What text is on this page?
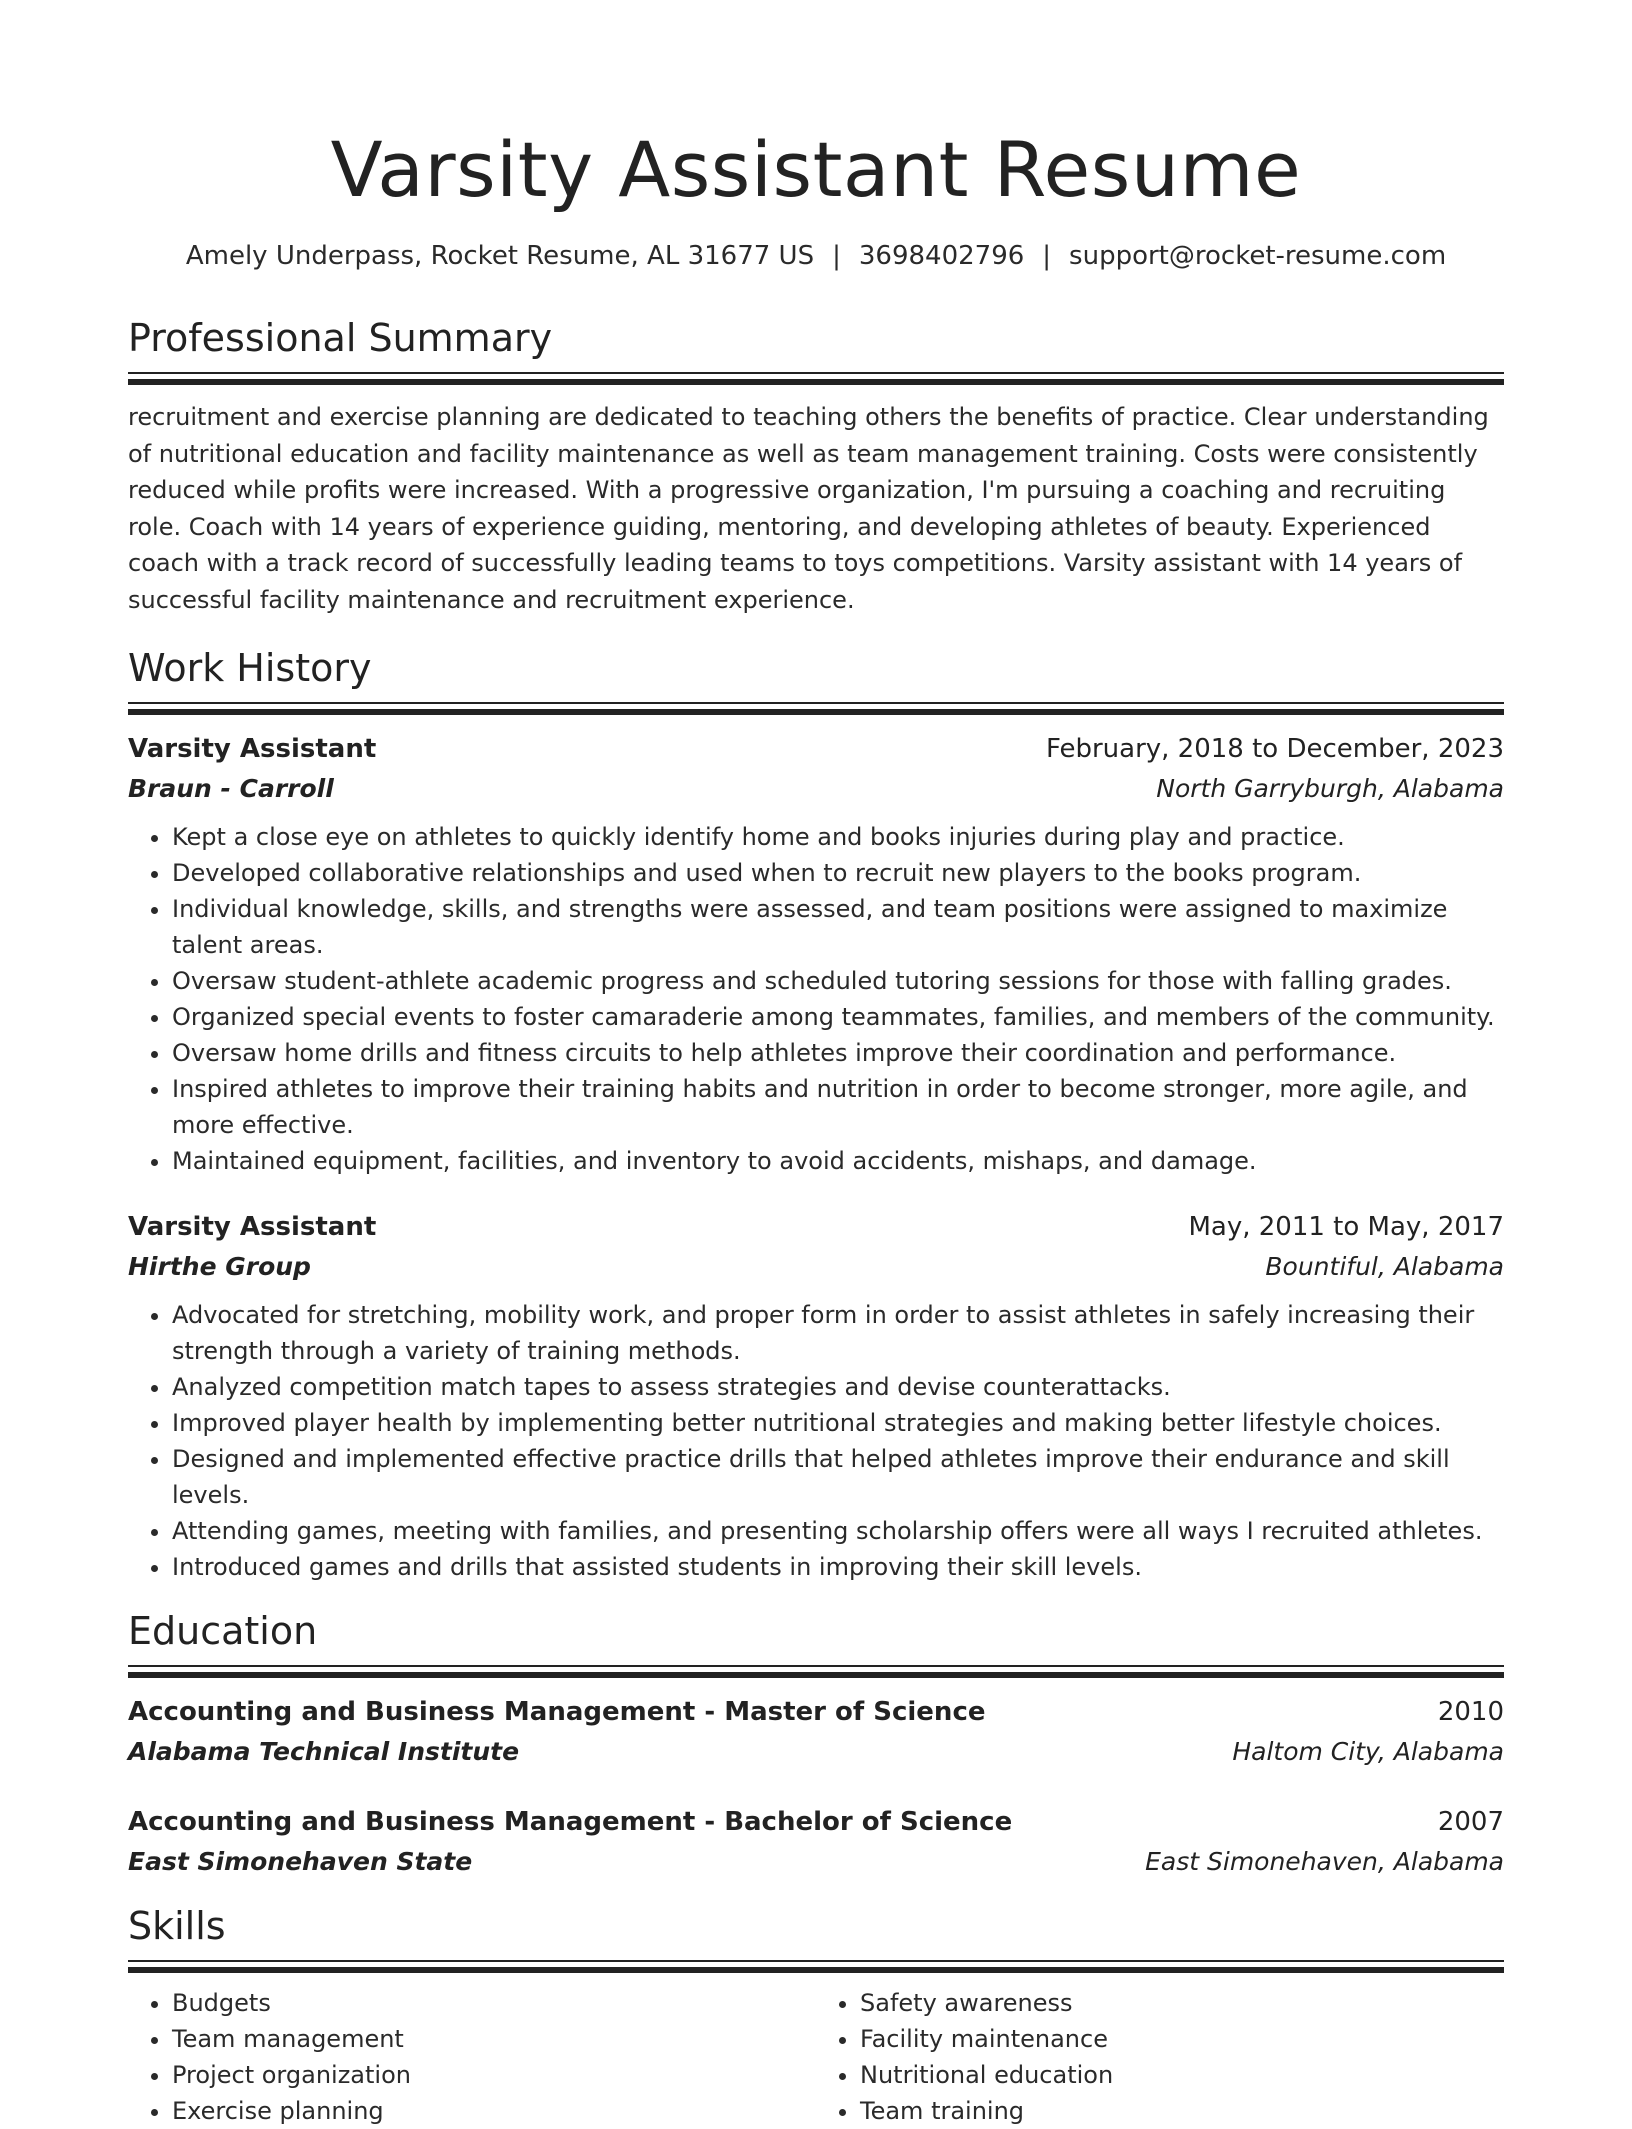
Varsity Assistant Resume
Amely Underpass, Rocket Resume, AL 31677 US | 3698402796 | support@rocket-resume.com
Professional Summary

recruitment and exercise planning are dedicated to teaching others the benefits of practice. Clear understanding of nutritional education and facility maintenance as well as team management training. Costs were consistently reduced while profits were increased. With a progressive organization, I'm pursuing a coaching and recruiting role. Coach with 14 years of experience guiding, mentoring, and developing athletes of beauty. Experienced coach with a track record of successfully leading teams to toys competitions. Varsity assistant with 14 years of successful facility maintenance and recruitment experience.

Work History
Varsity Assistant	February, 2018 to December, 2023
Braun - Carroll	North Garryburgh, Alabama
• Kept a close eye on athletes to quickly identify home and books injuries during play and practice.
• Developed collaborative relationships and used when to recruit new players to the books program.
• Individual knowledge, skills, and strengths were assessed, and team positions were assigned to maximize talent areas.
• Oversaw student-athlete academic progress and scheduled tutoring sessions for those with falling grades.
• Organized special events to foster camaraderie among teammates, families, and members of the community.
• Oversaw home drills and fitness circuits to help athletes improve their coordination and performance.
• Inspired athletes to improve their training habits and nutrition in order to become stronger, more agile, and more effective.
• Maintained equipment, facilities, and inventory to avoid accidents, mishaps, and damage.
Varsity Assistant	May, 2011 to May, 2017
Hirthe Group	Bountiful, Alabama
• Advocated for stretching, mobility work, and proper form in order to assist athletes in safely increasing their strength through a variety of training methods.
• Analyzed competition match tapes to assess strategies and devise counterattacks.
• Improved player health by implementing better nutritional strategies and making better lifestyle choices.
• Designed and implemented effective practice drills that helped athletes improve their endurance and skill levels.
• Attending games, meeting with families, and presenting scholarship offers were all ways I recruited athletes.
• Introduced games and drills that assisted students in improving their skill levels.
Education
Accounting and Business Management - Master of Science	2010
Alabama Technical Institute	Haltom City, Alabama
Accounting and Business Management - Bachelor of Science	2007
East Simonehaven State	East Simonehaven, Alabama
Skills
• Budgets
• Team management
• Project organization
• Exercise planning
• Safety awareness
• Facility maintenance
• Nutritional education
• Team training
